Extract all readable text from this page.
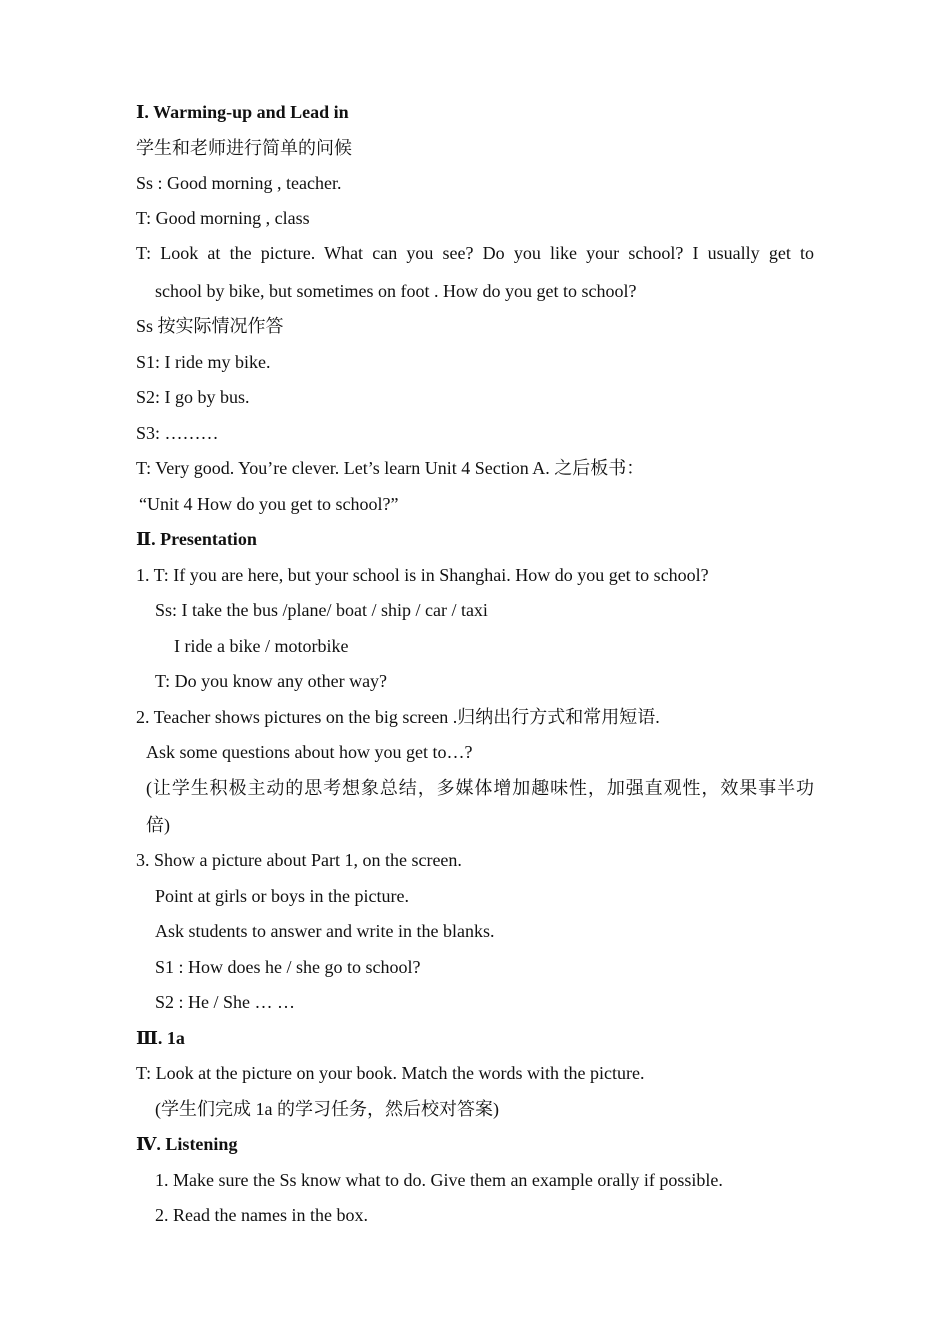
Ⅰ. Warming-up and Lead in
学生和老师进行简单的问候
Ss : Good morning , teacher.
T: Good morning , class
T: Look at the picture. What can you see? Do you like your school? I usually get to
school by bike, but sometimes on foot . How do you get to school?
Ss 按实际情况作答
S1: I ride my bike.
S2: I go by bus.
S3: ………
T: Very good. You’re clever. Let’s learn Unit 4 Section A. 之后板书：
“Unit 4 How do you get to school?”
Ⅱ. Presentation
1. T: If you are here, but your school is in Shanghai. How do you get to school?
Ss: I take the bus /plane/ boat / ship / car / taxi
I ride a bike / motorbike
T: Do you know any other way?
2. Teacher shows pictures on the big screen .归纳出行方式和常用短语.
Ask some questions about how you get to…?
(让学生积极主动的思考想象总结，多媒体增加趣味性，加强直观性，效果事半功
倍)
3. Show a picture about Part 1, on the screen.
Point at girls or boys in the picture.
Ask students to answer and write in the blanks.
S1 : How does he / she go to school?
S2 : He / She … …
Ⅲ. 1a
T: Look at the picture on your book. Match the words with the picture.
(学生们完成 1a 的学习任务，然后校对答案)
Ⅳ. Listening
1. Make sure the Ss know what to do. Give them an example orally if possible.
2. Read the names in the box.
